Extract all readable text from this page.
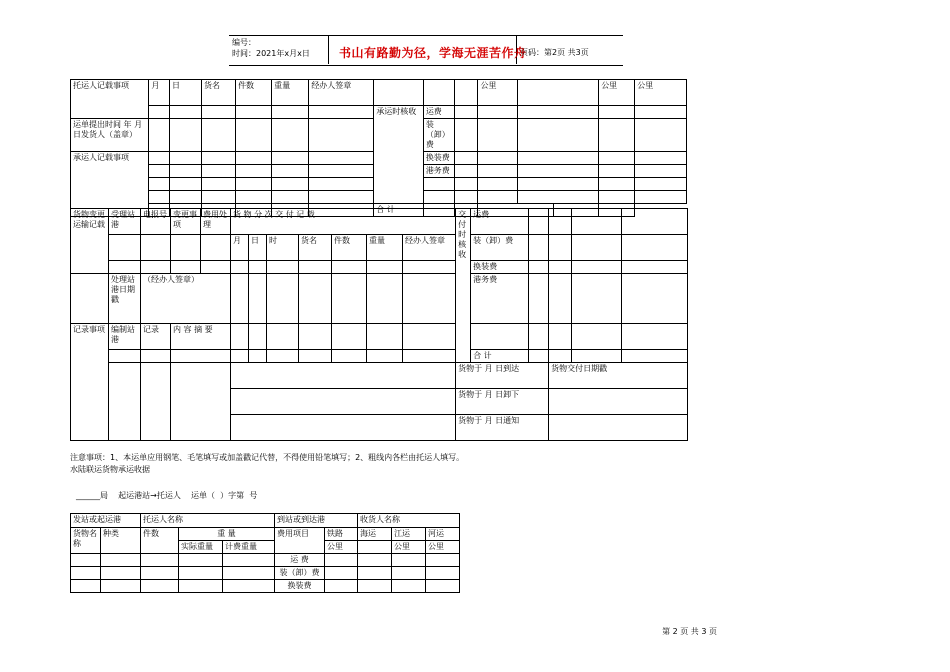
编号：
时间：2021年x月x日 书山有路勤为径，学海无涯苦作舟
页码：第2页 共3页
托运人记载事项	月	日	货名	件数	重量	经办人签章				公里			公里	公里
							承运时核收	运费						
运单提出时间 年 月 日发货人（盖章）								装（卸）费						
承运人记载事项								换装费						
								港务费						

							合 计							
注意事项：1、本运单应用钢笔、毛笔填写或加盖戳记代替，不得使用铅笔填写；2、粗线内各栏由托运人填写。
水陆联运货物承运收据
______局    起运港站→托运人    运单（  ）字第  号
发站或起运港		托运人名称			到站或到达港		收货人名称		
货物名称	种类	件数	重 量		费用项目	铁路	海运	江运	河运
			实际重量	计费重量		公里		公里	公里
					运 费				
					装（卸）费				
					换装费				
第 2 页 共 3 页
货物变更运输记载	受理站港	电报号	变更事项	费用处理	货 物 分 次 交 付 记 载							交付时核收	运费				
					月	日	时	货名	件数	重量	经办人签章		装（卸）费				
													换装费				
	处理站港日期戳	（经办人签章）											港务费				
记录事项	编制站港	记录	内 容 摘 要														
													合 计				
												货物于 月 日到达			货物交付日期戳		
												货物于 月 日卸下					
												货物于 月 日通知					
